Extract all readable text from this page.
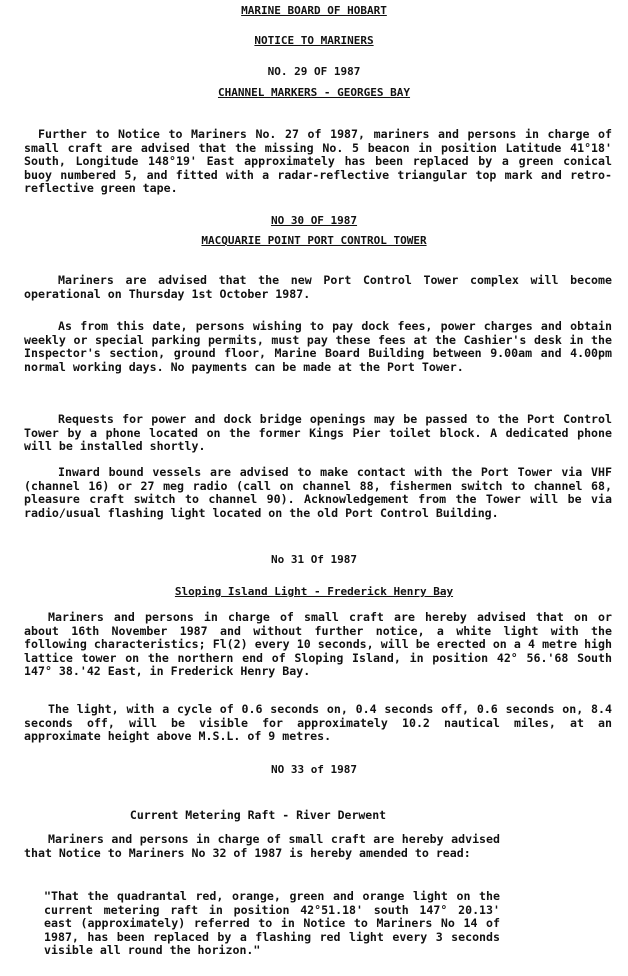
MARINE BOARD OF HOBART
NOTICE TO MARINERS
NO. 29 OF 1987
CHANNEL MARKERS - GEORGES BAY
Further to Notice to Mariners No. 27 of 1987, mariners and persons in charge of small craft are advised that the missing No. 5 beacon in position Latitude 41°18' South, Longitude 148°19' East approximately has been replaced by a green conical buoy numbered 5, and fitted with a radar-reflective triangular top mark and retro- reflective green tape.
NO 30 OF 1987
MACQUARIE POINT PORT CONTROL TOWER
Mariners are advised that the new Port Control Tower complex will become operational on Thursday 1st October 1987.
As from this date, persons wishing to pay dock fees, power charges and obtain weekly or special parking permits, must pay these fees at the Cashier's desk in the Inspector's section, ground floor, Marine Board Building between 9.00am and 4.00pm normal working days. No payments can be made at the Port Tower.
Requests for power and dock bridge openings may be passed to the Port Control Tower by a phone located on the former Kings Pier toilet block. A dedicated phone will be installed shortly.
Inward bound vessels are advised to make contact with the Port Tower via VHF (channel 16) or 27 meg radio (call on channel 88, fishermen switch to channel 68, pleasure craft switch to channel 90). Acknowledgement from the Tower will be via radio/usual flashing light located on the old Port Control Building.
No 31 Of 1987
Sloping Island Light - Frederick Henry Bay
Mariners and persons in charge of small craft are hereby advised that on or about 16th November 1987 and without further notice, a white light with the following characteristics; Fl(2) every 10 seconds, will be erected on a 4 metre high lattice tower on the northern end of Sloping Island, in position 42° 56.'68 South 147° 38.'42 East, in Frederick Henry Bay.
The light, with a cycle of 0.6 seconds on, 0.4 seconds off, 0.6 seconds on, 8.4 seconds off, will be visible for approximately 10.2 nautical miles, at an approximate height above M.S.L. of 9 metres.
NO 33 of 1987
Current Metering Raft - River Derwent
Mariners and persons in charge of small craft are hereby advised that Notice to Mariners No 32 of 1987 is hereby amended to read:
"That the quadrantal red, orange, green and orange light on the current metering raft in position 42°51.18' south 147° 20.13' east (approximately) referred to in Notice to Mariners No 14 of 1987, has been replaced by a flashing red light every 3 seconds visible all round the horizon."
